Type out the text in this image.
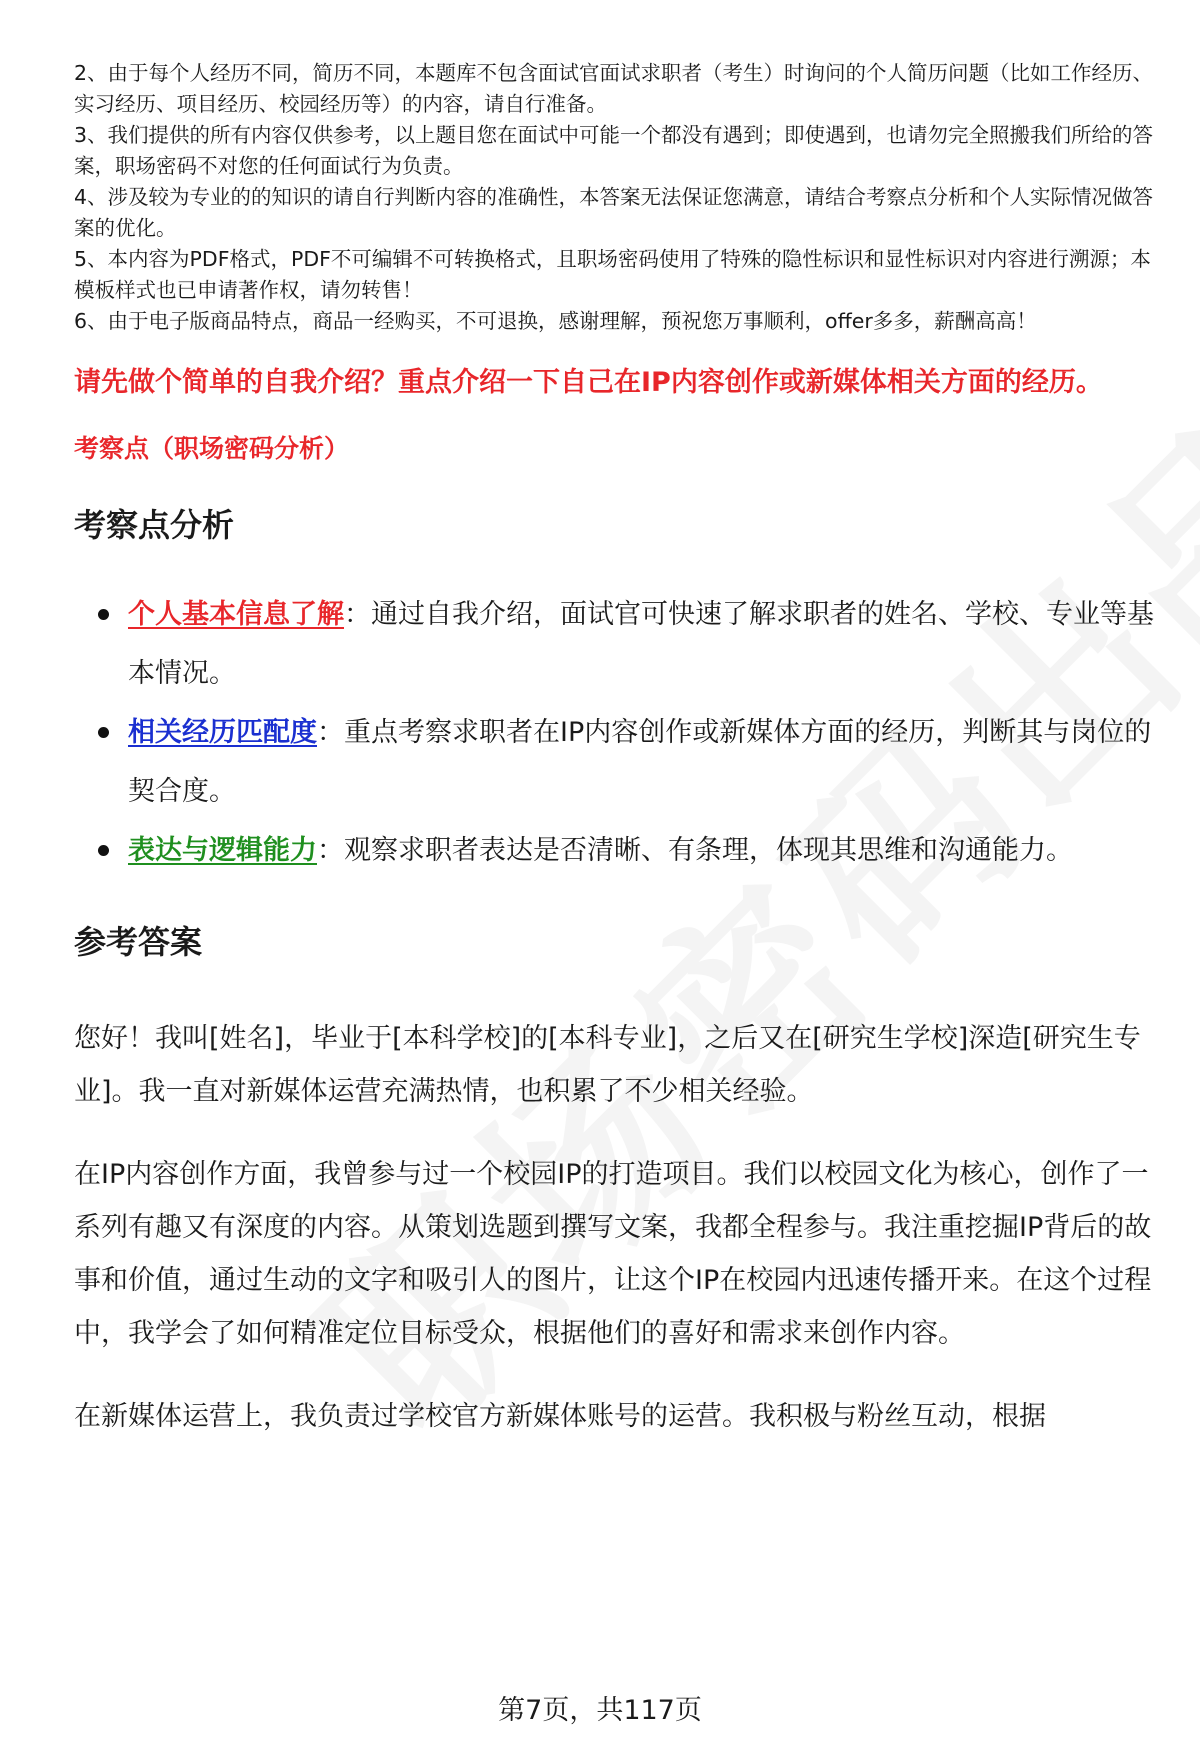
2、由于每个人经历不同，简历不同，本题库不包含面试官面试求职者（考生）时询问的个人简历问题（比如工作经历、实习经历、项目经历、校园经历等）的内容，请自行准备。

3、我们提供的所有内容仅供参考，以上题目您在面试中可能一个都没有遇到；即使遇到，也请勿完全照搬我们所给的答案，职场密码不对您的任何面试行为负责。

4、涉及较为专业的的知识的请自行判断内容的准确性，本答案无法保证您满意，请结合考察点分析和个人实际情况做答案的优化。

5、本内容为PDF格式，PDF不可编辑不可转换格式，且职场密码使用了特殊的隐性标识和显性标识对内容进行溯源；本模板样式也已申请著作权，请勿转售！

6、由于电子版商品特点，商品一经购买，不可退换，感谢理解，预祝您万事顺利，offer多多，薪酬高高！

请先做个简单的自我介绍？重点介绍一下自己在IP内容创作或新媒体相关方面的经历。
考察点（职场密码分析）
考察点分析
个人基本信息了解：通过自我介绍，面试官可快速了解求职者的姓名、学校、专业等基本情况。
相关经历匹配度：重点考察求职者在IP内容创作或新媒体方面的经历，判断其与岗位的契合度。
表达与逻辑能力：观察求职者表达是否清晰、有条理，体现其思维和沟通能力。
参考答案

您好！我叫[姓名]，毕业于[本科学校]的[本科专业]，之后又在[研究生学校]深造[研究生专业]。我一直对新媒体运营充满热情，也积累了不少相关经验。

在IP内容创作方面，我曾参与过一个校园IP的打造项目。我们以校园文化为核心，创作了一系列有趣又有深度的内容。从策划选题到撰写文案，我都全程参与。我注重挖掘IP背后的故事和价值，通过生动的文字和吸引人的图片，让这个IP在校园内迅速传播开来。在这个过程中，我学会了如何精准定位目标受众，根据他们的喜好和需求来创作内容。

在新媒体运营上，我负责过学校官方新媒体账号的运营。我积极与粉丝互动，根据

第7页，共117页
